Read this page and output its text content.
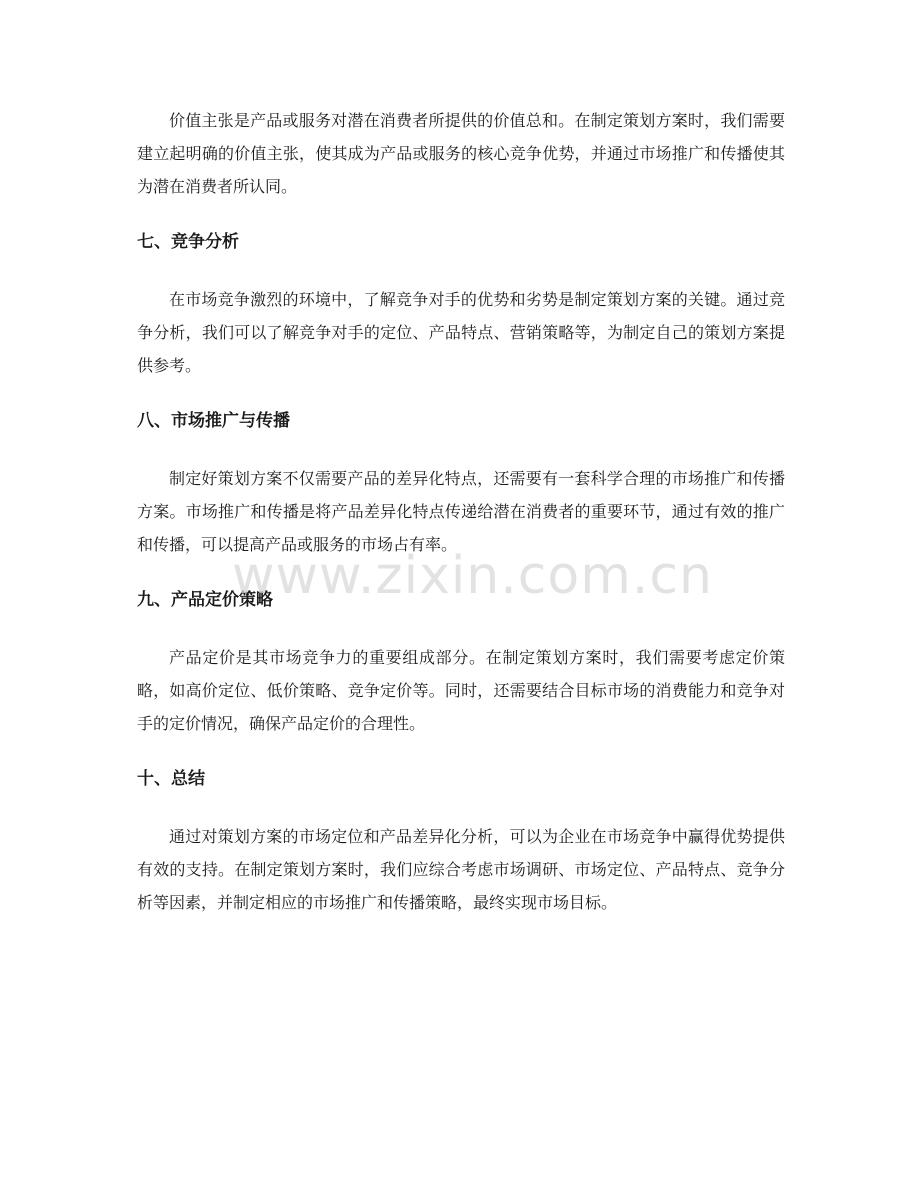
价值主张是产品或服务对潜在消费者所提供的价值总和。在制定策划方案时，我们需要建立起明确的价值主张，使其成为产品或服务的核心竞争优势，并通过市场推广和传播使其为潜在消费者所认同。

七、竞争分析

在市场竞争激烈的环境中，了解竞争对手的优势和劣势是制定策划方案的关键。通过竞争分析，我们可以了解竞争对手的定位、产品特点、营销策略等，为制定自己的策划方案提供参考。

八、市场推广与传播

制定好策划方案不仅需要产品的差异化特点，还需要有一套科学合理的市场推广和传播方案。市场推广和传播是将产品差异化特点传递给潜在消费者的重要环节，通过有效的推广和传播，可以提高产品或服务的市场占有率。

九、产品定价策略

产品定价是其市场竞争力的重要组成部分。在制定策划方案时，我们需要考虑定价策略，如高价定位、低价策略、竞争定价等。同时，还需要结合目标市场的消费能力和竞争对手的定价情况，确保产品定价的合理性。

十、总结

通过对策划方案的市场定位和产品差异化分析，可以为企业在市场竞争中赢得优势提供有效的支持。在制定策划方案时，我们应综合考虑市场调研、市场定位、产品特点、竞争分析等因素，并制定相应的市场推广和传播策略，最终实现市场目标。

www.zixin.com.cn
